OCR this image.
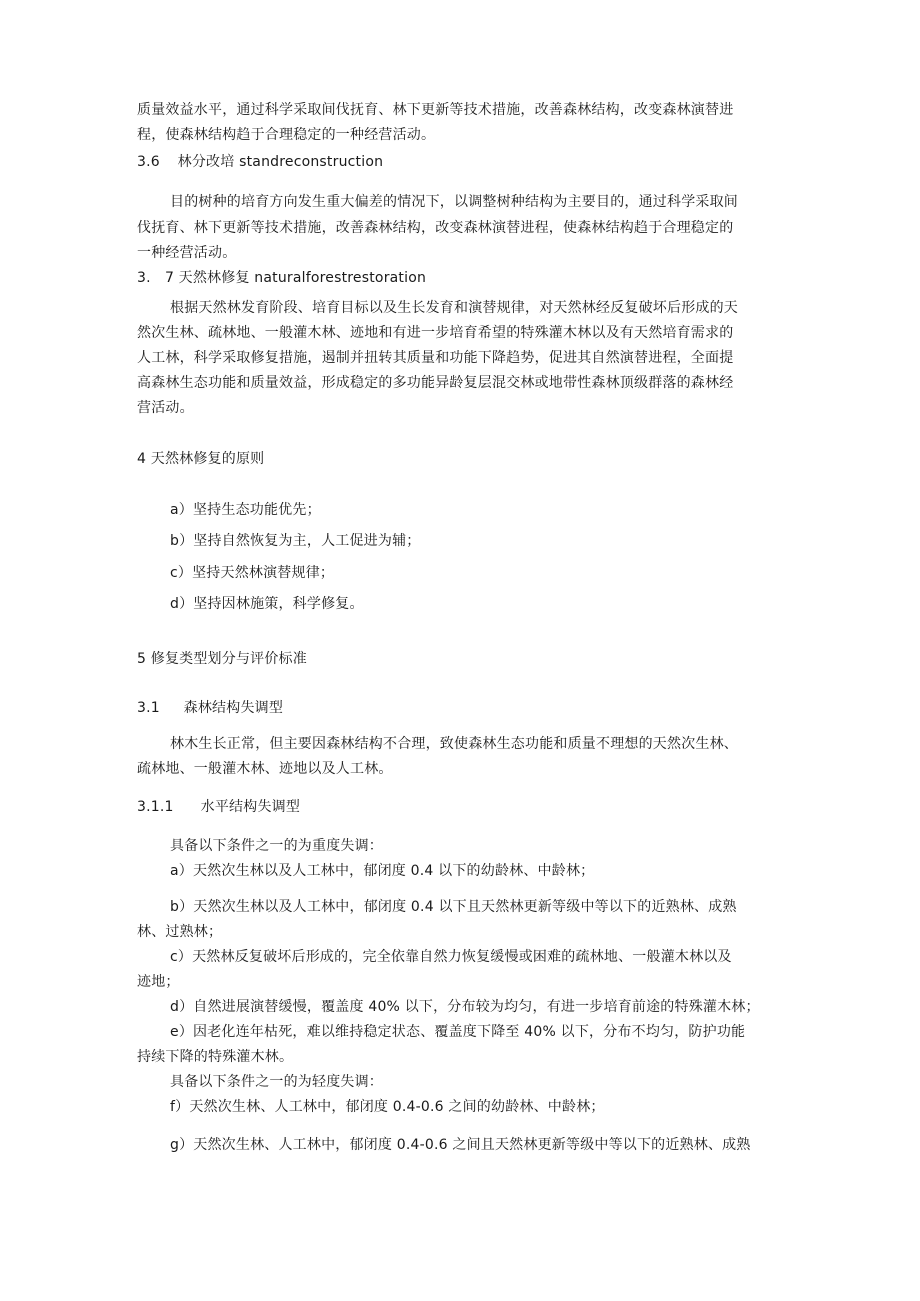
质量效益水平，通过科学采取间伐抚育、林下更新等技术措施，改善森林结构，改变森林演替进
程，使森林结构趋于合理稳定的一种经营活动。
3.6 林分改培 standreconstruction
目的树种的培育方向发生重大偏差的情况下，以调整树种结构为主要目的，通过科学采取间
伐抚育、林下更新等技术措施，改善森林结构，改变森林演替进程，使森林结构趋于合理稳定的
一种经营活动。
3.　7 天然林修复 naturalforestrestoration
根据天然林发育阶段、培育目标以及生长发育和演替规律，对天然林经反复破坏后形成的天
然次生林、疏林地、一般灌木林、迹地和有进一步培育希望的特殊灌木林以及有天然培育需求的
人工林，科学采取修复措施，遏制并扭转其质量和功能下降趋势，促进其自然演替进程，全面提
高森林生态功能和质量效益，形成稳定的多功能异龄复层混交林或地带性森林顶级群落的森林经
营活动。
4 天然林修复的原则
a）坚持生态功能优先；
b）坚持自然恢复为主，人工促进为辅；
c）坚持天然林演替规律；
d）坚持因林施策，科学修复。
5 修复类型划分与评价标准
3.1 森林结构失调型
林木生长正常，但主要因森林结构不合理，致使森林生态功能和质量不理想的天然次生林、
疏林地、一般灌木林、迹地以及人工林。
3.1.1 水平结构失调型
具备以下条件之一的为重度失调：
a）天然次生林以及人工林中，郁闭度 0.4 以下的幼龄林、中龄林；
b）天然次生林以及人工林中，郁闭度 0.4 以下且天然林更新等级中等以下的近熟林、成熟
林、过熟林；
c）天然林反复破坏后形成的，完全依靠自然力恢复缓慢或困难的疏林地、一般灌木林以及
迹地；
d）自然进展演替缓慢，覆盖度 40% 以下，分布较为均匀，有进一步培育前途的特殊灌木林；
e）因老化连年枯死，难以维持稳定状态、覆盖度下降至 40% 以下，分布不均匀，防护功能
持续下降的特殊灌木林。
具备以下条件之一的为轻度失调：
f）天然次生林、人工林中，郁闭度 0.4-0.6 之间的幼龄林、中龄林；
g）天然次生林、人工林中，郁闭度 0.4-0.6 之间且天然林更新等级中等以下的近熟林、成熟
